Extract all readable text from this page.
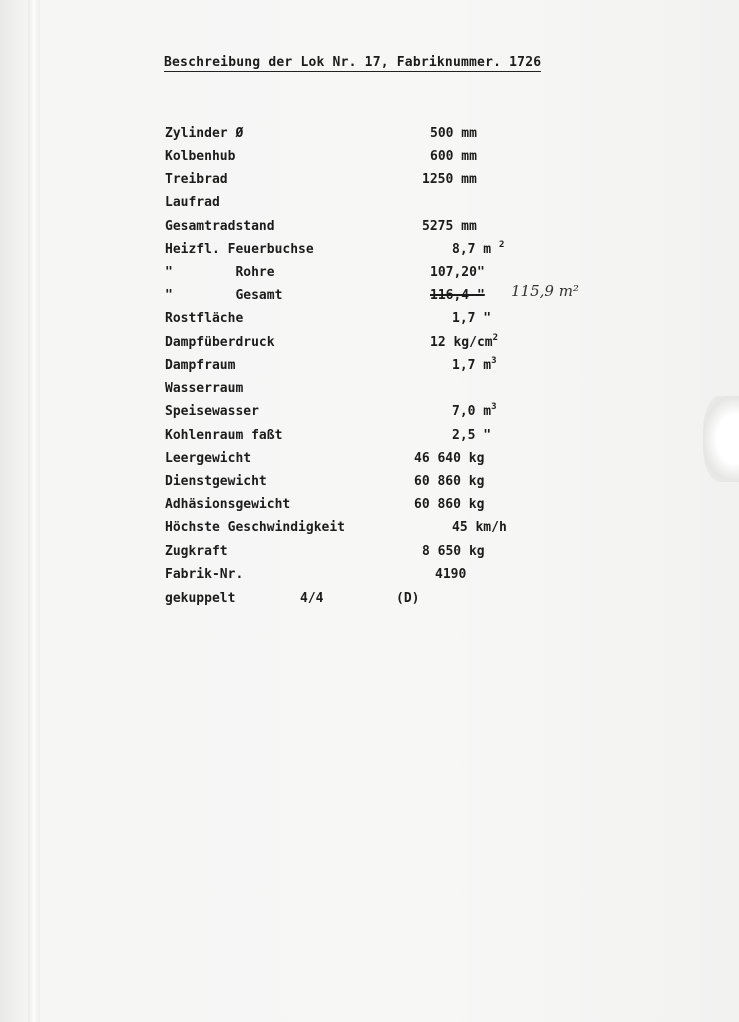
Beschreibung der Lok Nr. 17, Fabriknummer. 1726
Zylinder Ø	500 mm
Kolbenhub	600 mm
Treibrad	1250 mm
Laufrad
Gesamtradstand	5275 mm
Heizfl. Feuerbuchse	8,7 m $^2$
"        Rohre	107,20"
"        Gesamt	116,4 " 115,9 m²
Rostfläche	1,7 "
Dampfüberdruck	12 $kg/cm^2$
Dampfraum	1,7 $m^3$
Wasserraum
Speisewasser	7,0 $m^3$
Kohlenraum faßt	2,5 "
Leergewicht	46 640 kg
Dienstgewicht	60 860 kg
Adhäsionsgewicht	60 860 kg
Höchste Geschwindigkeit	45 km/h
Zugkraft	8 650 kg
Fabrik-Nr.	4190
gekuppelt	4/4	(D)
